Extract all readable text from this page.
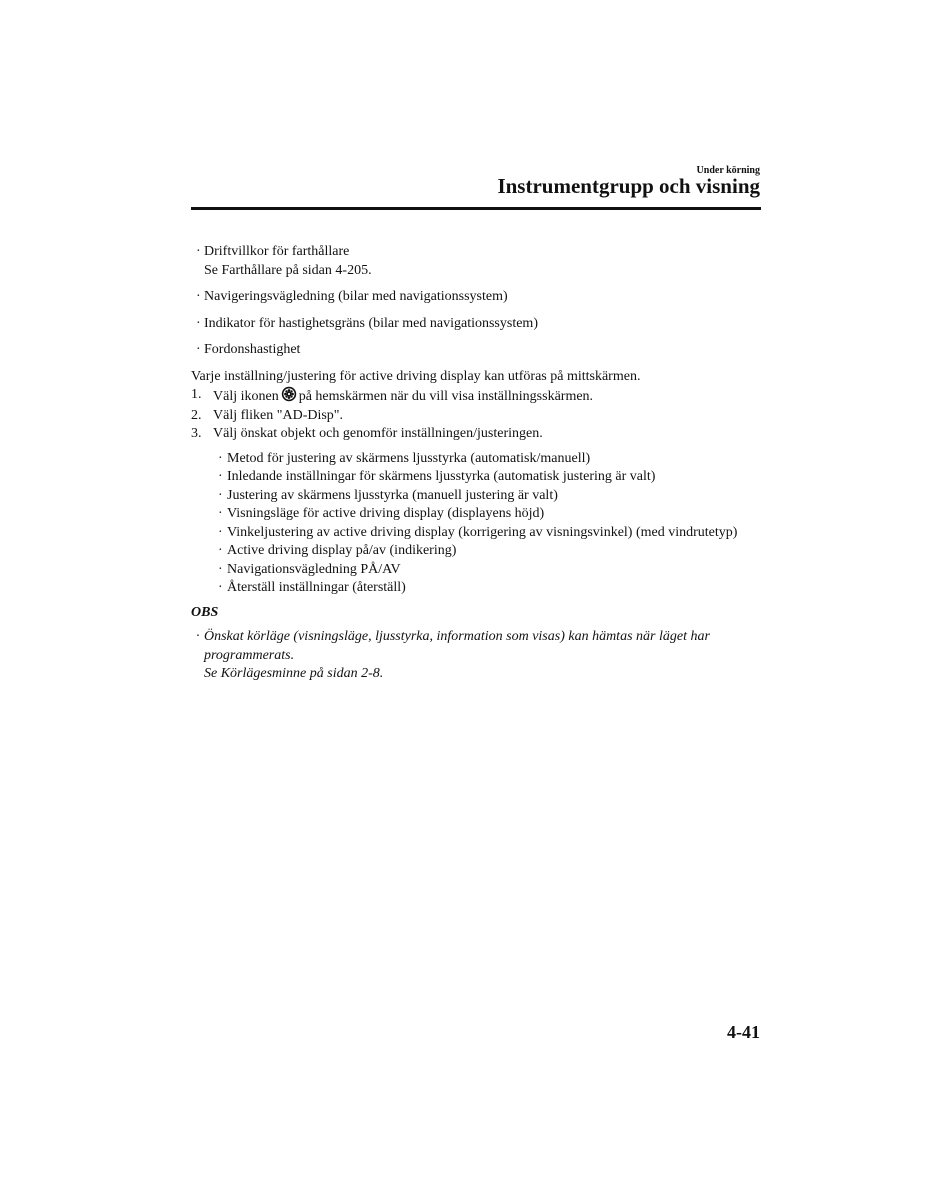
Under körning
Instrumentgrupp och visning
· Driftvillkor för farthållare
Se Farthållare på sidan 4-205.
· Navigeringsvägledning (bilar med navigationssystem)
· Indikator för hastighetsgräns (bilar med navigationssystem)
· Fordonshastighet
Varje inställning/justering för active driving display kan utföras på mittskärmen.
1. Välj ikonen på hemskärmen när du vill visa inställningsskärmen.
2. Välj fliken "AD-Disp".
3. Välj önskat objekt och genomför inställningen/justeringen.
· Metod för justering av skärmens ljusstyrka (automatisk/manuell)
· Inledande inställningar för skärmens ljusstyrka (automatisk justering är valt)
· Justering av skärmens ljusstyrka (manuell justering är valt)
· Visningsläge för active driving display (displayens höjd)
· Vinkeljustering av active driving display (korrigering av visningsvinkel) (med vindrutetyp)
· Active driving display på/av (indikering)
· Navigationsvägledning PÅ/AV
· Återställ inställningar (återställ)
OBS
· Önskat körläge (visningsläge, ljusstyrka, information som visas) kan hämtas när läget har programmerats.
Se Körlägesminne på sidan 2-8.
4-41
